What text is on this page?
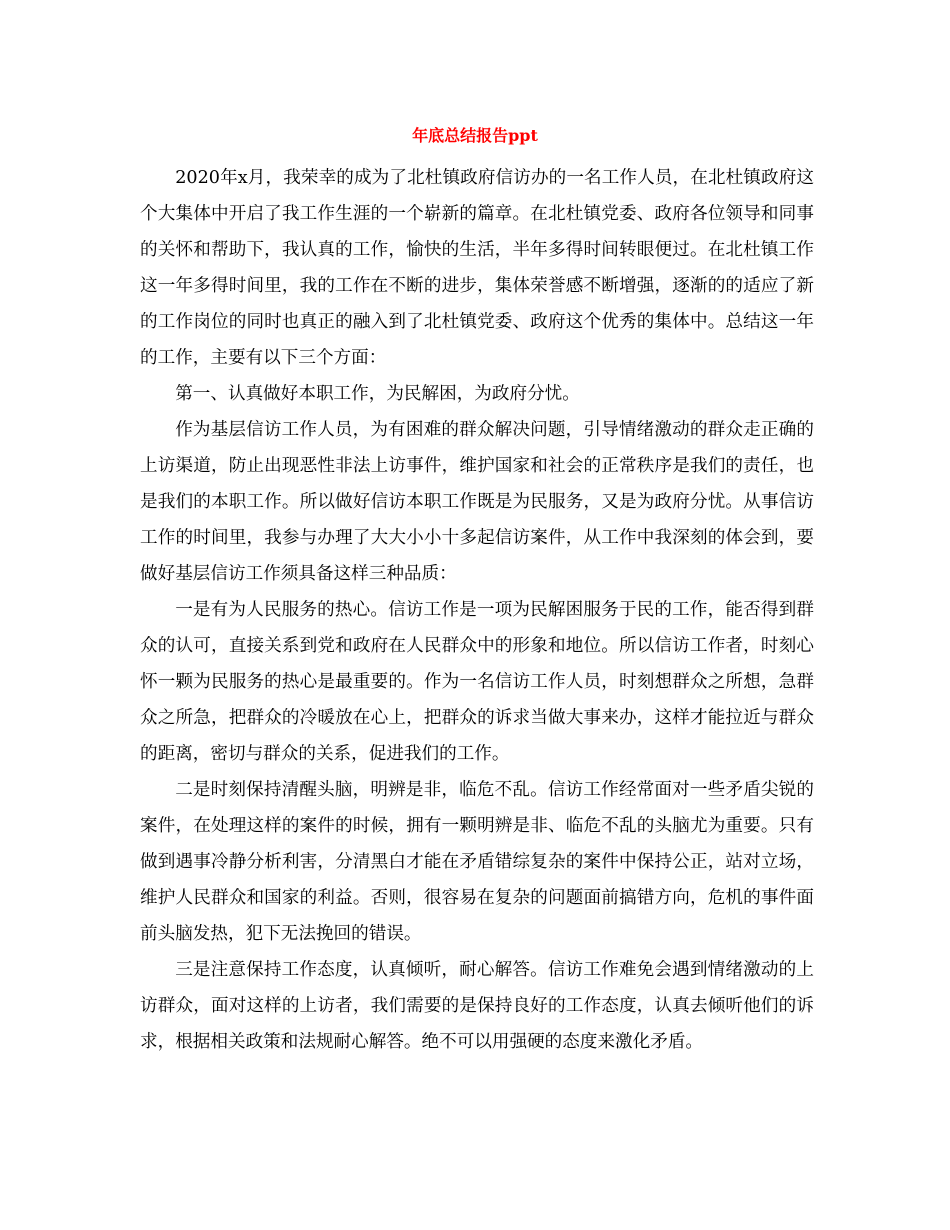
年底总结报告ppt

2020年x月，我荣幸的成为了北杜镇政府信访办的一名工作人员，在北杜镇政府这个大集体中开启了我工作生涯的一个崭新的篇章。在北杜镇党委、政府各位领导和同事的关怀和帮助下，我认真的工作，愉快的生活，半年多得时间转眼便过。在北杜镇工作这一年多得时间里，我的工作在不断的进步，集体荣誉感不断增强，逐渐的的适应了新的工作岗位的同时也真正的融入到了北杜镇党委、政府这个优秀的集体中。总结这一年的工作，主要有以下三个方面：

第一、认真做好本职工作，为民解困，为政府分忧。

作为基层信访工作人员，为有困难的群众解决问题，引导情绪激动的群众走正确的上访渠道，防止出现恶性非法上访事件，维护国家和社会的正常秩序是我们的责任，也是我们的本职工作。所以做好信访本职工作既是为民服务，又是为政府分忧。从事信访工作的时间里，我参与办理了大大小小十多起信访案件，从工作中我深刻的体会到，要做好基层信访工作须具备这样三种品质：

一是有为人民服务的热心。信访工作是一项为民解困服务于民的工作，能否得到群众的认可，直接关系到党和政府在人民群众中的形象和地位。所以信访工作者，时刻心怀一颗为民服务的热心是最重要的。作为一名信访工作人员，时刻想群众之所想，急群众之所急，把群众的冷暖放在心上，把群众的诉求当做大事来办，这样才能拉近与群众的距离，密切与群众的关系，促进我们的工作。

二是时刻保持清醒头脑，明辨是非，临危不乱。信访工作经常面对一些矛盾尖锐的案件，在处理这样的案件的时候，拥有一颗明辨是非、临危不乱的头脑尤为重要。只有做到遇事冷静分析利害，分清黑白才能在矛盾错综复杂的案件中保持公正，站对立场，维护人民群众和国家的利益。否则，很容易在复杂的问题面前搞错方向，危机的事件面前头脑发热，犯下无法挽回的错误。

三是注意保持工作态度，认真倾听，耐心解答。信访工作难免会遇到情绪激动的上访群众，面对这样的上访者，我们需要的是保持良好的工作态度，认真去倾听他们的诉求，根据相关政策和法规耐心解答。绝不可以用强硬的态度来激化矛盾。
